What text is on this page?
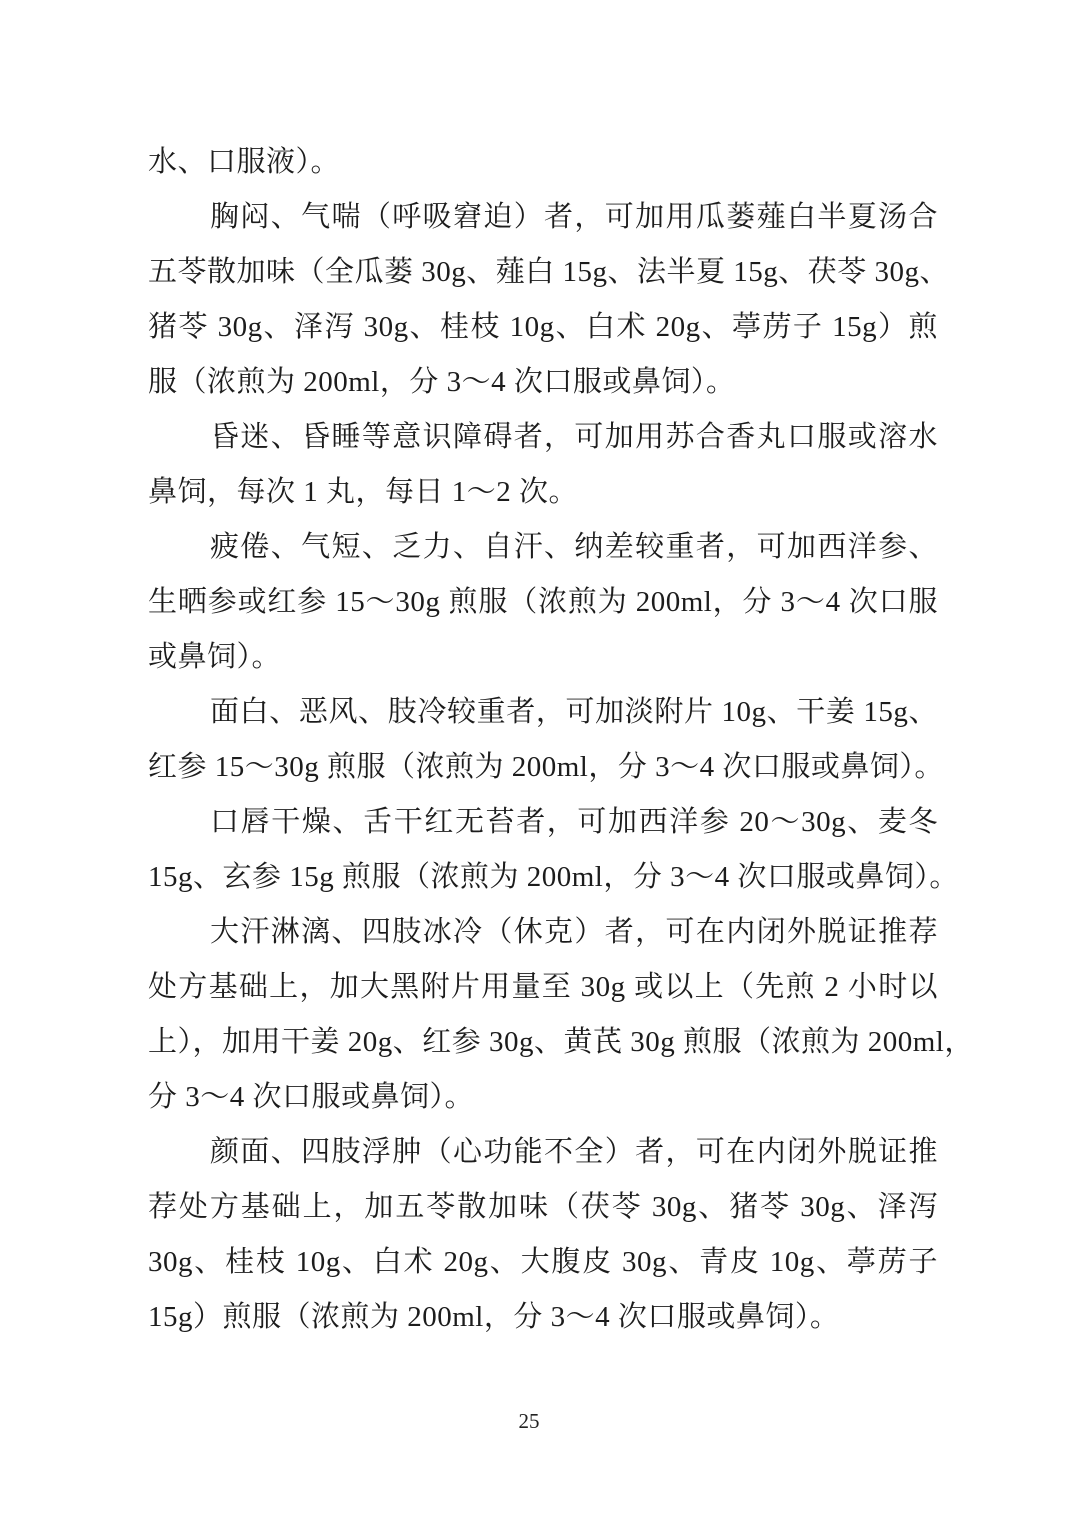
水、口服液）。
胸闷、气喘（呼吸窘迫）者，可加用瓜蒌薤白半夏汤合
五苓散加味（全瓜蒌 30g、薤白 15g、法半夏 15g、茯苓 30g、
猪苓 30g、泽泻 30g、桂枝 10g、白术 20g、葶苈子 15g）煎
服（浓煎为 200ml，分 3～4 次口服或鼻饲）。
昏迷、昏睡等意识障碍者，可加用苏合香丸口服或溶水
鼻饲，每次 1 丸，每日 1～2 次。
疲倦、气短、乏力、自汗、纳差较重者，可加西洋参、
生晒参或红参 15～30g 煎服（浓煎为 200ml，分 3～4 次口服
或鼻饲）。
面白、恶风、肢冷较重者，可加淡附片 10g、干姜 15g、
红参 15～30g 煎服（浓煎为 200ml，分 3～4 次口服或鼻饲）。
口唇干燥、舌干红无苔者，可加西洋参 20～30g、麦冬
15g、玄参 15g 煎服（浓煎为 200ml，分 3～4 次口服或鼻饲）。
大汗淋漓、四肢冰冷（休克）者，可在内闭外脱证推荐
处方基础上，加大黑附片用量至 30g 或以上（先煎 2 小时以
上），加用干姜 20g、红参 30g、黄芪 30g 煎服（浓煎为 200ml，
分 3～4 次口服或鼻饲）。
颜面、四肢浮肿（心功能不全）者，可在内闭外脱证推
荐处方基础上，加五苓散加味（茯苓 30g、猪苓 30g、泽泻
30g、桂枝 10g、白术 20g、大腹皮 30g、青皮 10g、葶苈子
15g）煎服（浓煎为 200ml，分 3～4 次口服或鼻饲）。
25
